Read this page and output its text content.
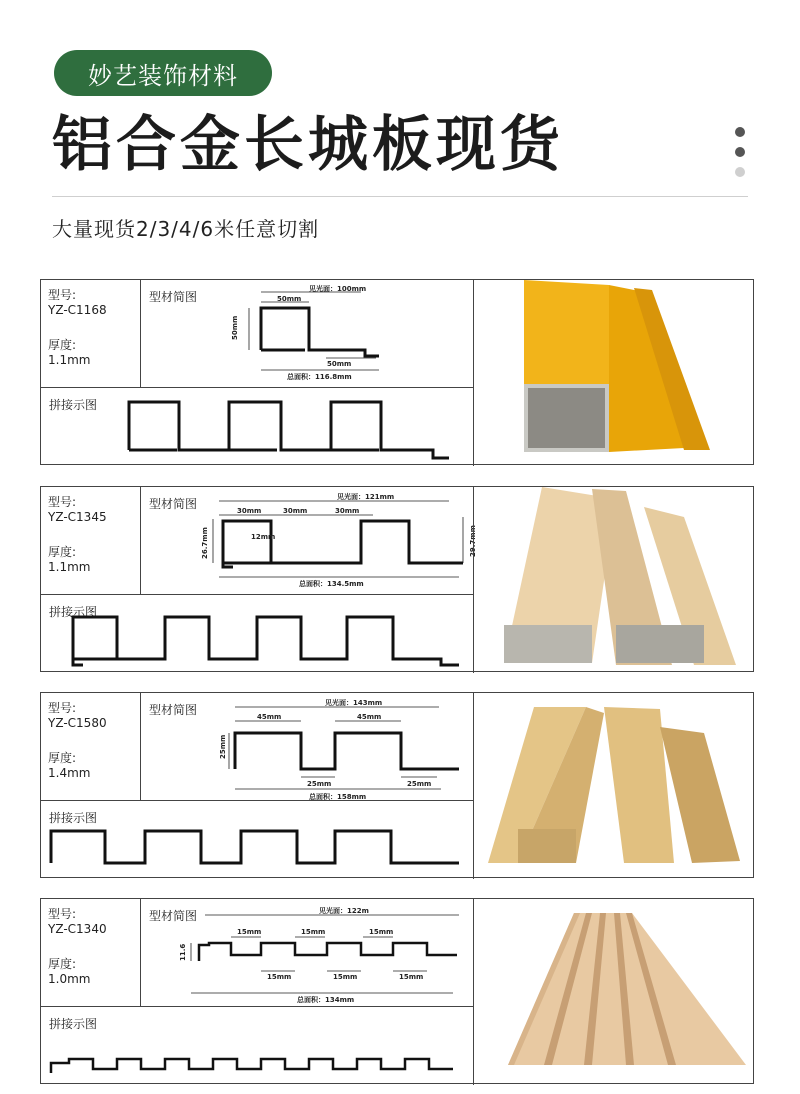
妙艺装饰材料
铝合金长城板现货
大量现货2/3/4/6米任意切割
型号:
YZ-C1168
厚度:
1.1mm
型材简图
见光面：100mm
50mm
50mm
总面积：116.8mm
50mm
拼接示图
型号:
YZ-C1345
厚度:
1.1mm
型材简图	见光面：121mm
30mm	30mm	30mm
12mm
26.7mm	29.7mm
总面积：134.5mm
拼接示图
型号:
YZ-C1580
厚度:
1.4mm
型材简图	见光面：143mm
45mm	45mm
25mm	25mm
25mm
总面积：158mm
拼接示图
型号:
YZ-C1340
厚度:
1.0mm
型材简图	见光面：122m
15mm	15mm	15mm
15mm	15mm	15mm
11.6
总面积：134mm
拼接示图
